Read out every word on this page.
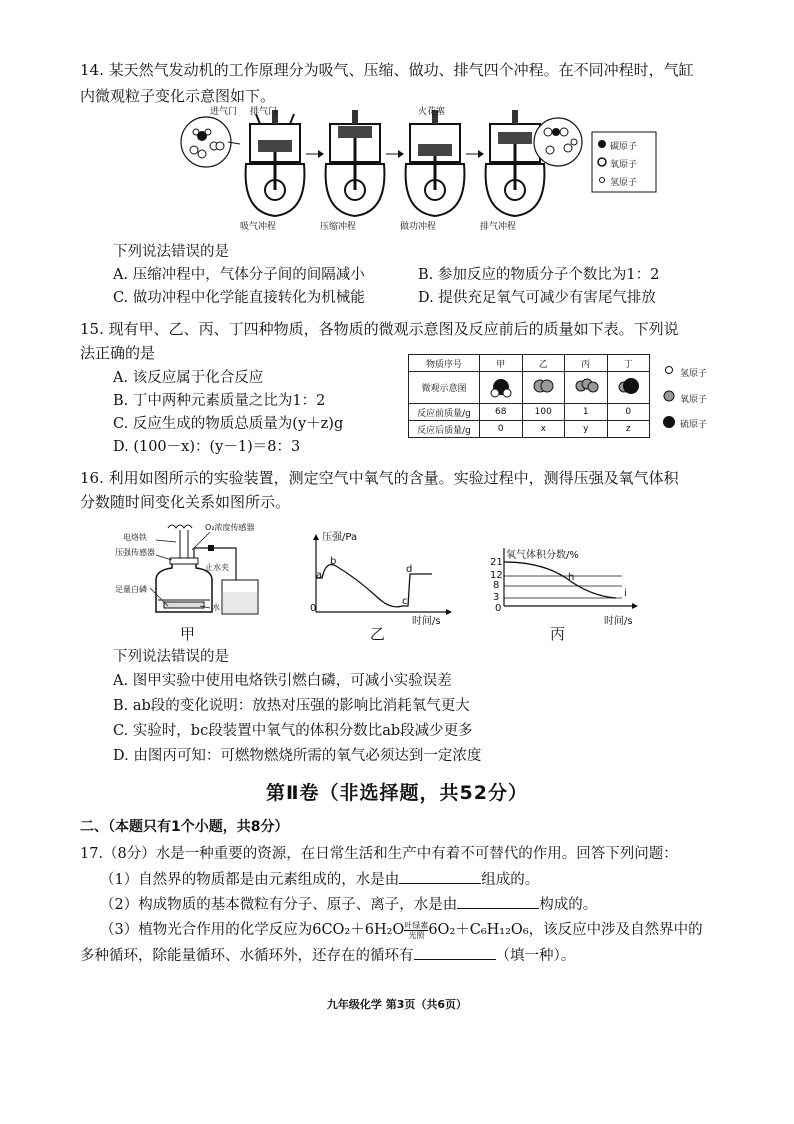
14. 某天然气发动机的工作原理分为吸气、压缩、做功、排气四个冲程。在不同冲程时，气缸
内微观粒子变化示意图如下。
进气门 排气门	火花塞
吸气冲程	压缩冲程	做功冲程	排气冲程
碳原子
氧原子
氢原子
下列说法错误的是
A. 压缩冲程中，气体分子间的间隔减小	B. 参加反应的物质分子个数比为1：2
C. 做功冲程中化学能直接转化为机械能	D. 提供充足氧气可减少有害尾气排放
15. 现有甲、乙、丙、丁四种物质，各物质的微观示意图及反应前后的质量如下表。下列说
法正确的是
A. 该反应属于化合反应
B. 丁中两种元素质量之比为1：2
C. 反应生成的物质总质量为(y＋z)g
D. (100－x)：(y－1)＝8：3
物质序号	甲	乙	丙	丁
微观示意图				
反应前质量/g	68	100	1	0
反应后质量/g	0	x	y	z
氢原子
氧原子
硫原子
16. 利用如图所示的实验装置，测定空气中氧气的含量。实验过程中，测得压强及氧气体积
分数随时间变化关系如图所示。
电烙铁
O₂浓度传感器
压强传感器
止水夹
足量白磷
水
压强/Pa
0
a
b
c
d
时间/s
氧气体积分数/%
21
12
8
3
0
h
i
时间/s
甲	乙	丙
下列说法错误的是
A. 图甲实验中使用电烙铁引燃白磷，可减小实验误差
B. ab段的变化说明：放热对压强的影响比消耗氧气更大
C. 实验时，bc段装置中氧气的体积分数比ab段减少更多
D. 由图丙可知：可燃物燃烧所需的氧气必须达到一定浓度
第Ⅱ卷（非选择题，共52分）
二、（本题只有1个小题，共8分）
17.（8分）水是一种重要的资源，在日常生活和生产中有着不可替代的作用。回答下列问题：
（1）自然界的物质都是由元素组成的，水是由	组成的。
（2）构成物质的基本微粒有分子、原子、离子，水是由	构成的。
（3）植物光合作用的化学反应为$6CO_2+6H_2O \frac{\text{叶绿素}}{\text{光照}}6O_2+C_6H_{12}O_6$，该反应中涉及自然界中的
多种循环，除能量循环、水循环外，还存在的循环有	（填一种）。
九年级化学 第3页（共6页）
